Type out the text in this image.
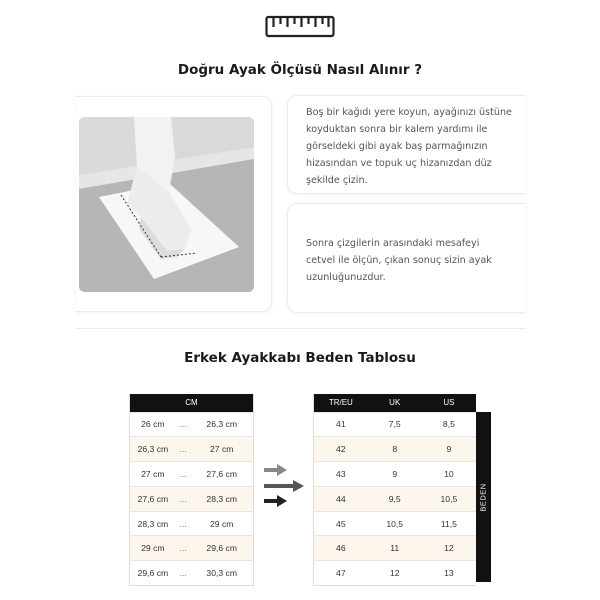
Doğru Ayak Ölçüsü Nasıl Alınır ?
Boş bir kağıdı yere koyun, ayağınızı üstüne
koyduktan sonra bir kalem yardımı ile
görseldeki gibi ayak baş parmağınızın
hizasından ve topuk uç hizanızdan düz
şekilde çizin.
Sonra çizgilerin arasındaki mesafeyi
cetvel ile ölçün, çıkan sonuç sizin ayak
uzunluğunuzdur.
Erkek Ayakkabı Beden Tablosu
CM		
26 cm	...	26,3 cm
26,3 cm	...	27 cm
27 cm	...	27,6 cm
27,6 cm	...	28,3 cm
28,3 cm	...	29 cm
29 cm	...	29,6 cm
29,6 cm	...	30,3 cm
TR/EU	UK	US
41	7,5	8,5
42	8	9
43	9	10
44	9,5	10,5
45	10,5	11,5
46	11	12
47	12	13
BEDEN
